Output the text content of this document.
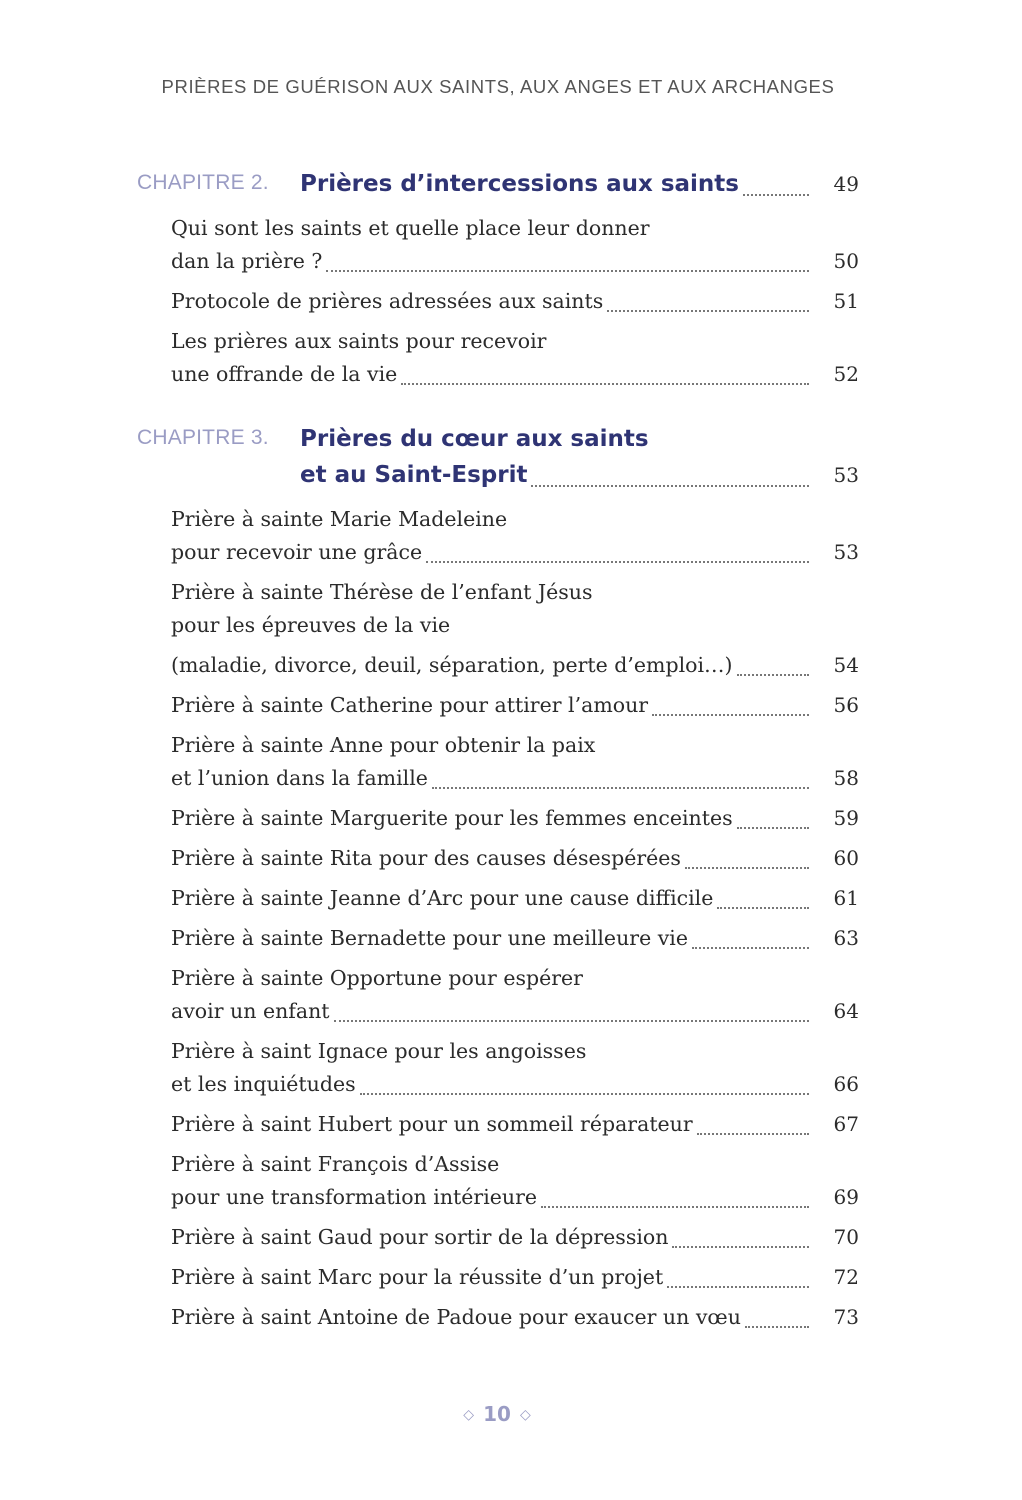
PRIÈRES DE GUÉRISON AUX SAINTS, AUX ANGES ET AUX ARCHANGES
CHAPITRE 2. Prières d’intercessions aux saints	49
Qui sont les saints et quelle place leur donner
dan la prière ?	50
Protocole de prières adressées aux saints	51
Les prières aux saints pour recevoir
une offrande de la vie	52
CHAPITRE 3. Prières du cœur aux saints
et au Saint-Esprit	53
Prière à sainte Marie Madeleine
pour recevoir une grâce	53
Prière à sainte Thérèse de l’enfant Jésus
pour les épreuves de la vie
(maladie, divorce, deuil, séparation, perte d’emploi…)	54
Prière à sainte Catherine pour attirer l’amour	56
Prière à sainte Anne pour obtenir la paix
et l’union dans la famille	58
Prière à sainte Marguerite pour les femmes enceintes	59
Prière à sainte Rita pour des causes désespérées	60
Prière à sainte Jeanne d’Arc pour une cause difficile	61
Prière à sainte Bernadette pour une meilleure vie	63
Prière à sainte Opportune pour espérer
avoir un enfant	64
Prière à saint Ignace pour les angoisses
et les inquiétudes	66
Prière à saint Hubert pour un sommeil réparateur	67
Prière à saint François d’Assise
pour une transformation intérieure	69
Prière à saint Gaud pour sortir de la dépression	70
Prière à saint Marc pour la réussite d’un projet	72
Prière à saint Antoine de Padoue pour exaucer un vœu	73
◇ 10 ◇
